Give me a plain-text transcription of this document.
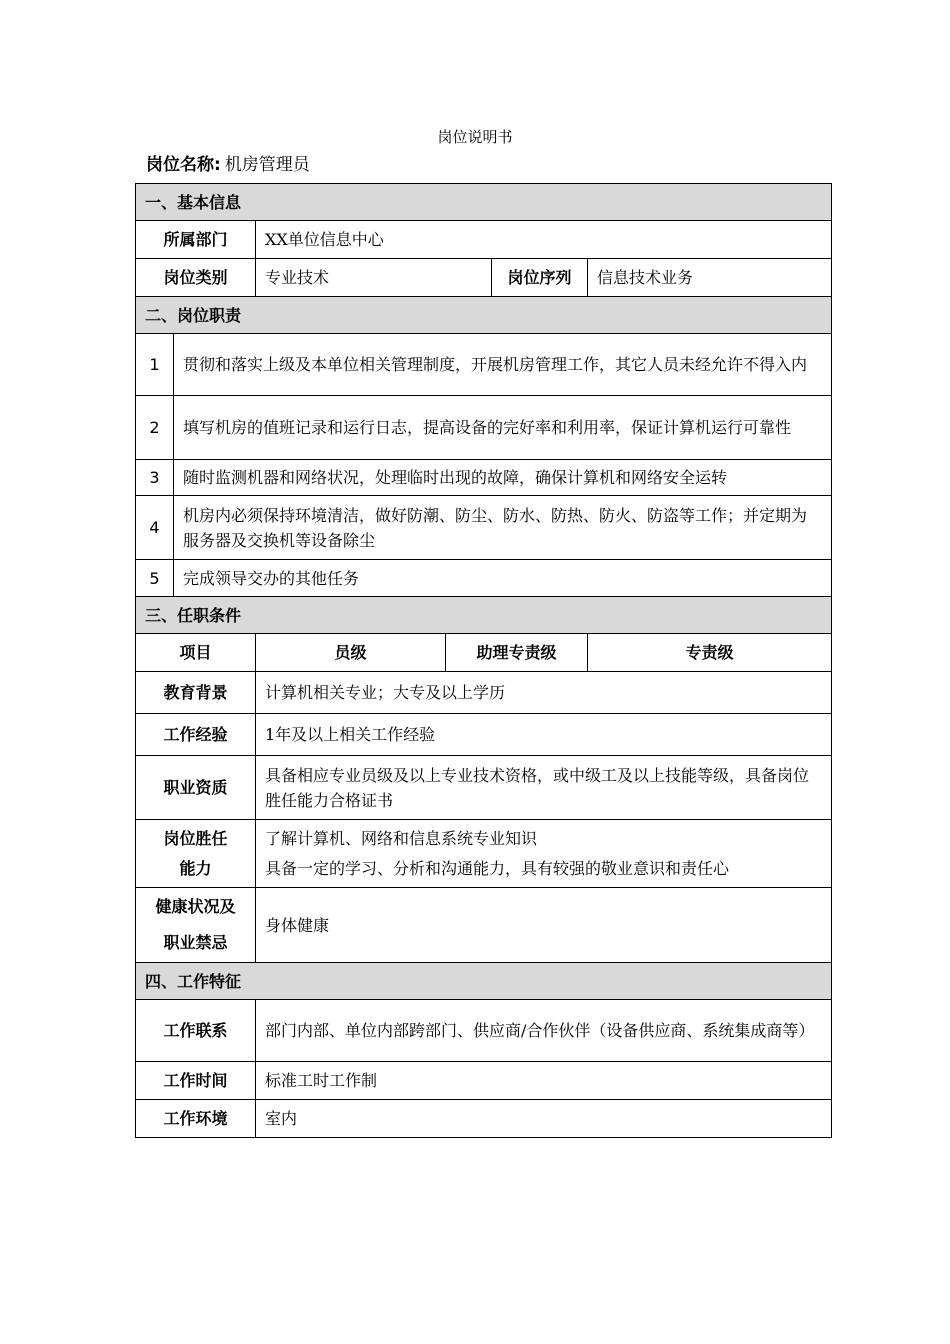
岗位说明书
岗位名称: 机房管理员
一、基本信息					
所属部门		XX单位信息中心			
岗位类别		专业技术		岗位序列	信息技术业务
二、岗位职责					
1	贯彻和落实上级及本单位相关管理制度，开展机房管理工作，其它人员未经允许不得入内				
2	填写机房的值班记录和运行日志，提高设备的完好率和利用率，保证计算机运行可靠性				
3	随时监测机器和网络状况，处理临时出现的故障，确保计算机和网络安全运转				
4	机房内必须保持环境清洁，做好防潮、防尘、防水、防热、防火、防盗等工作；并定期为服务器及交换机等设备除尘				
5	完成领导交办的其他任务				
三、任职条件					
项目		员级	助理专责级		专责级
教育背景		计算机相关专业；大专及以上学历			
工作经验		1年及以上相关工作经验			
职业资质		具备相应专业员级及以上专业技术资格，或中级工及以上技能等级，具备岗位胜任能力合格证书			

岗位胜任
能力		了解计算机、网络和信息系统专业知识
具备一定的学习、分析和沟通能力，具有较强的敬业意识和责任心			

健康状况及
职业禁忌		身体健康			
四、工作特征					
工作联系		部门内部、单位内部跨部门、供应商/合作伙伴（设备供应商、系统集成商等）			
工作时间		标准工时工作制			
工作环境		室内			
